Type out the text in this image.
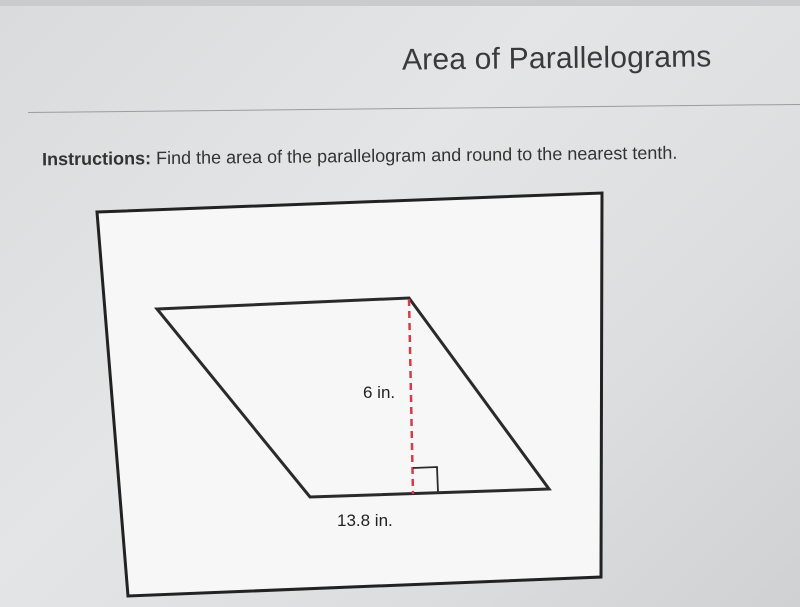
Area of Parallelograms
Instructions: Find the area of the parallelogram and round to the nearest tenth.
6 in.
13.8 in.
